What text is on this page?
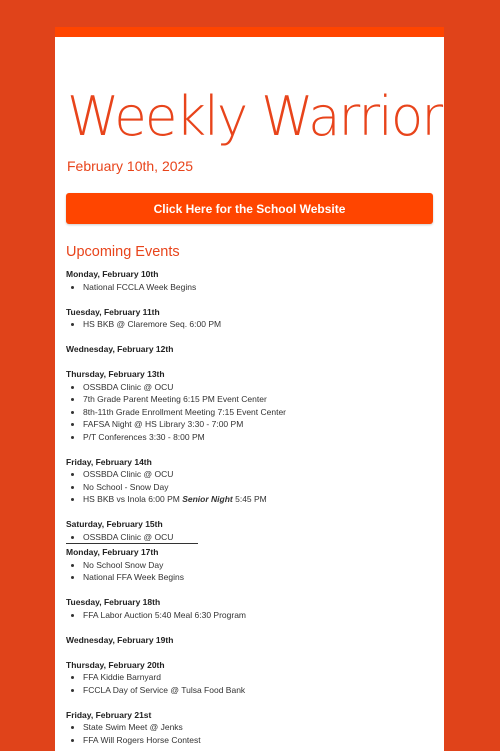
Weekly Warrior
February 10th, 2025
Click Here for the School Website
Upcoming Events
Monday, February 10th
• National FCCLA Week Begins
Tuesday, February 11th
• HS BKB @ Claremore Seq. 6:00 PM
Wednesday, February 12th
Thursday, February 13th
• OSSBDA Clinic @ OCU
• 7th Grade Parent Meeting 6:15 PM Event Center
• 8th-11th Grade Enrollment Meeting 7:15 Event Center
• FAFSA Night @ HS Library 3:30 - 7:00 PM
• P/T Conferences 3:30 - 8:00 PM
Friday, February 14th
• OSSBDA Clinic @ OCU
• No School - Snow Day
• HS BKB vs Inola 6:00 PM Senior Night 5:45 PM
Saturday, February 15th
• OSSBDA Clinic @ OCU
Monday, February 17th
• No School Snow Day
• National FFA Week Begins
Tuesday, February 18th
• FFA Labor Auction 5:40 Meal 6:30 Program
Wednesday, February 19th
Thursday, February 20th
• FFA Kiddie Barnyard
• FCCLA Day of Service @ Tulsa Food Bank
Friday, February 21st
• State Swim Meet @ Jenks
• FFA Will Rogers Horse Contest
